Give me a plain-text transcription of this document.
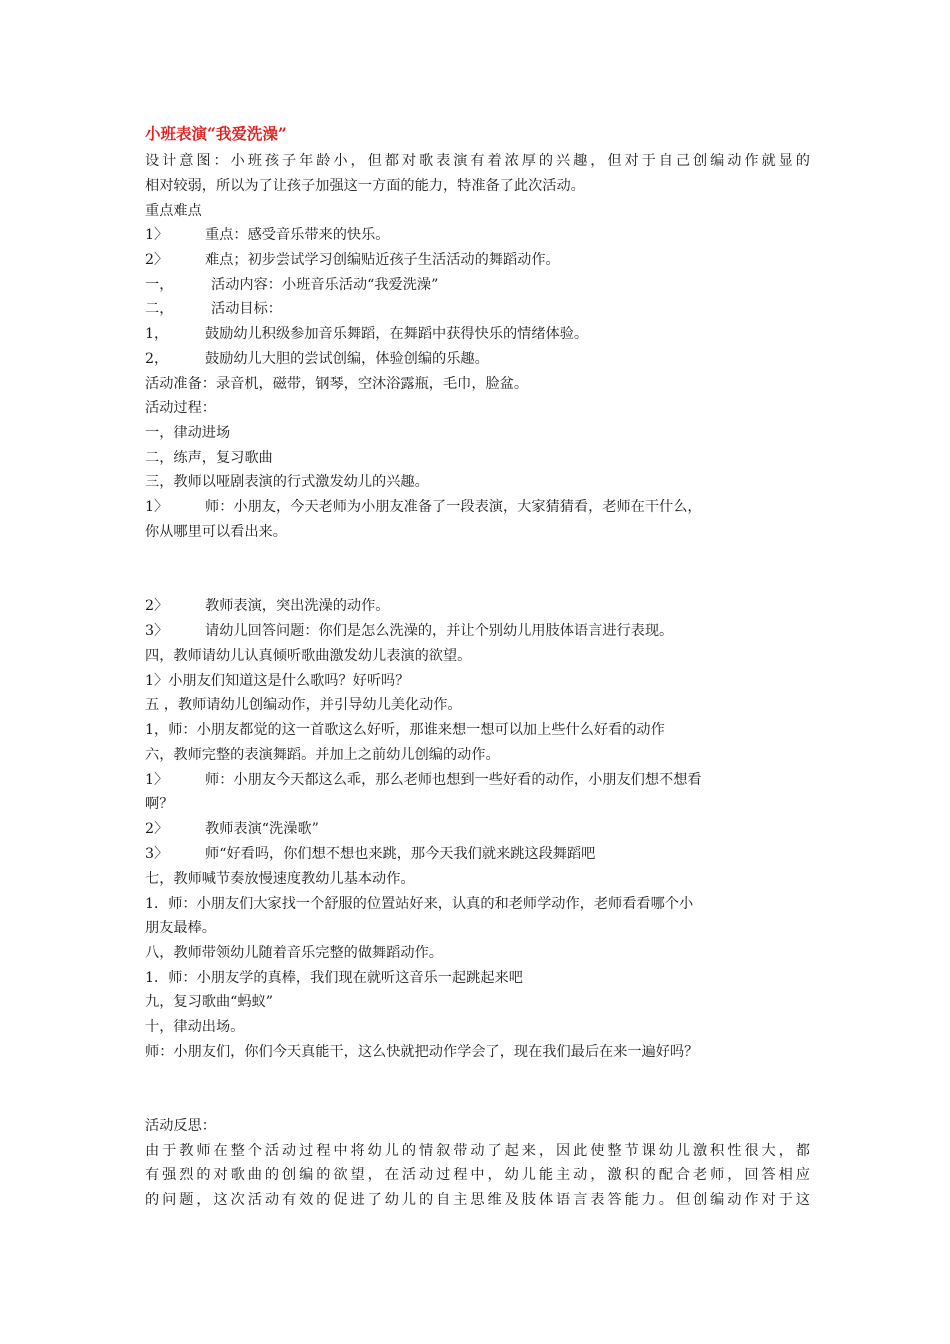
小班表演“我爱洗澡”
设计意图：小班孩子年龄小，但都对歌表演有着浓厚的兴趣，但对于自己创编动作就显的
相对较弱，所以为了让孩子加强这一方面的能力，特准备了此次活动。
重点难点
1〉	重点：感受音乐带来的快乐。
2〉	难点；初步尝试学习创编贴近孩子生活活动的舞蹈动作。
一，	活动内容：小班音乐活动“我爱洗澡”
二，	活动目标：
1，	鼓励幼儿积级参加音乐舞蹈，在舞蹈中获得快乐的情绪体验。
2，	鼓励幼儿大胆的尝试创编，体验创编的乐趣。
活动准备：录音机，磁带，钢琴，空沐浴露瓶，毛巾，脸盆。
活动过程：
一，律动进场
二，练声，复习歌曲
三，教师以哑剧表演的行式激发幼儿的兴趣。
1〉	师：小朋友，今天老师为小朋友准备了一段表演，大家猜猜看，老师在干什么，
你从哪里可以看出来。
2〉	教师表演，突出洗澡的动作。
3〉	请幼儿回答问题：你们是怎么洗澡的，并让个别幼儿用肢体语言进行表现。
四，教师请幼儿认真倾听歌曲激发幼儿表演的欲望。
1〉小朋友们知道这是什么歌吗？好听吗？
五 ，教师请幼儿创编动作，并引导幼儿美化动作。
1，师：小朋友都觉的这一首歌这么好听，那谁来想一想可以加上些什么好看的动作
六，教师完整的表演舞蹈。并加上之前幼儿创编的动作。
1〉	师：小朋友今天都这么乖，那么老师也想到一些好看的动作，小朋友们想不想看
啊？
2〉	教师表演“洗澡歌”
3〉	师“好看吗，你们想不想也来跳，那今天我们就来跳这段舞蹈吧
七，教师喊节奏放慢速度教幼儿基本动作。
1．师：小朋友们大家找一个舒服的位置站好来，认真的和老师学动作，老师看看哪个小
朋友最棒。
八，教师带领幼儿随着音乐完整的做舞蹈动作。
1．师：小朋友学的真棒，我们现在就听这音乐一起跳起来吧
九，复习歌曲“蚂蚁”
十，律动出场。
师：小朋友们，你们今天真能干，这么快就把动作学会了，现在我们最后在来一遍好吗？
活动反思：
由于教师在整个活动过程中将幼儿的情叙带动了起来，因此使整节课幼儿激积性很大，都
有强烈的对歌曲的创编的欲望，在活动过程中，幼儿能主动，激积的配合老师，回答相应
的问题，这次活动有效的促进了幼儿的自主思维及肢体语言表答能力。但创编动作对于这
